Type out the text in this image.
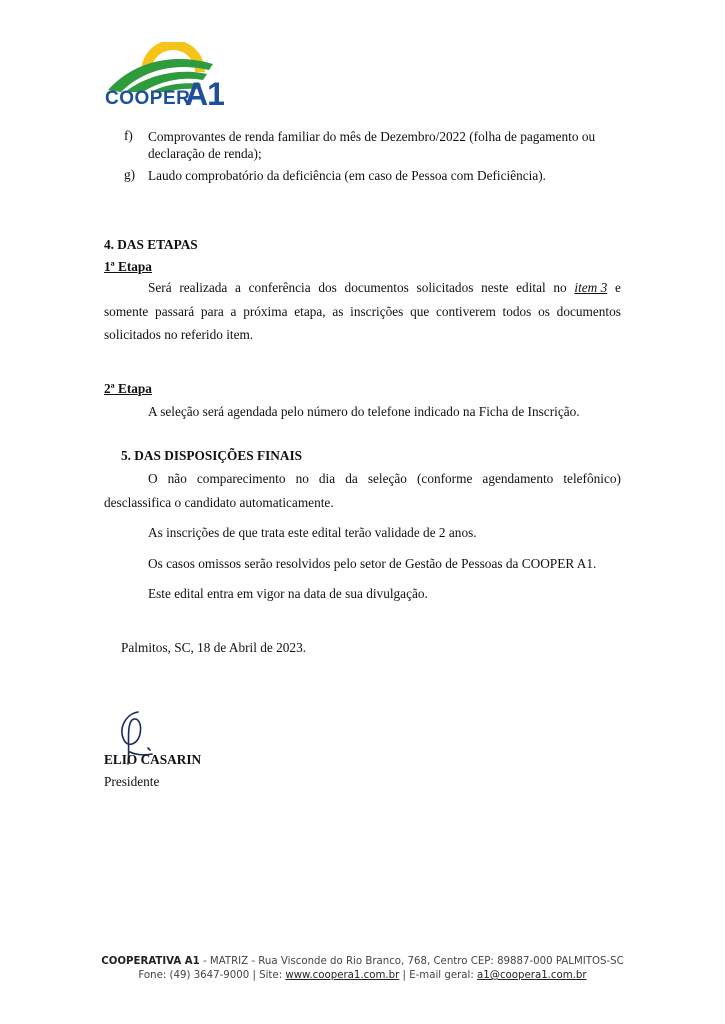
COOPER
A1
f) Comprovantes de renda familiar do mês de Dezembro/2022 (folha de pagamento ou
declaração de renda);
g) Laudo comprobatório da deficiência (em caso de Pessoa com Deficiência).
4. DAS ETAPAS
1ª Etapa
Será realizada a conferência dos documentos solicitados neste edital no item 3 e
somente passará para a próxima etapa, as inscrições que contiverem todos os documentos
solicitados no referido item.
2ª Etapa
A seleção será agendada pelo número do telefone indicado na Ficha de Inscrição.
5. DAS DISPOSIÇÕES FINAIS
O não comparecimento no dia da seleção (conforme agendamento telefônico)
desclassifica o candidato automaticamente.
As inscrições de que trata este edital terão validade de 2 anos.
Os casos omissos serão resolvidos pelo setor de Gestão de Pessoas da COOPER A1.
Este edital entra em vigor na data de sua divulgação.
Palmitos, SC, 18 de Abril de 2023.
ELIO CASARIN
Presidente
COOPERATIVA A1 - MATRIZ - Rua Visconde do Rio Branco, 768, Centro CEP: 89887-000 PALMITOS-SC
Fone: (49) 3647-9000 | Site: www.coopera1.com.br | E-mail geral: a1@coopera1.com.br
